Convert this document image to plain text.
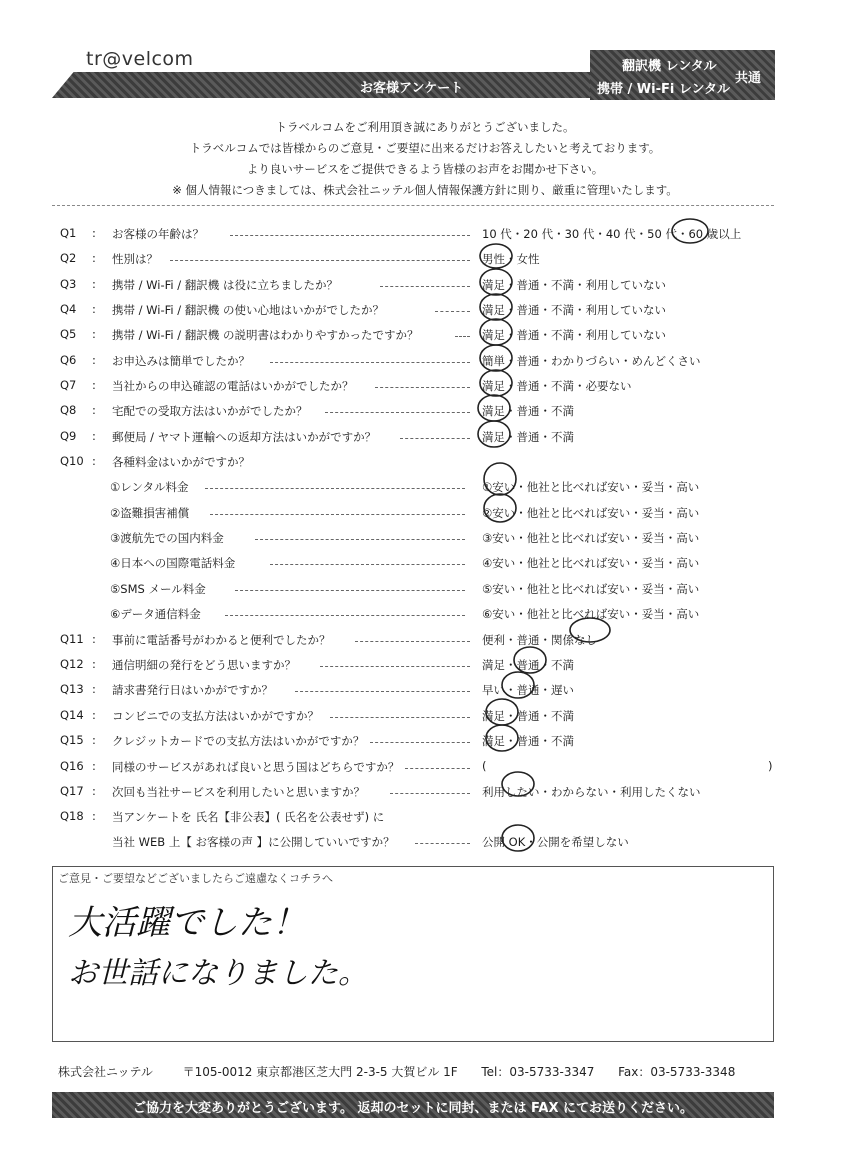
tr@velcom
お客様アンケート
翻訳機 レンタル
携帯 / Wi-Fi レンタル
共通
トラベルコムをご利用頂き誠にありがとうございました。
トラベルコムでは皆様からのご意見・ご要望に出来るだけお答えしたいと考えております。
より良いサービスをご提供できるよう皆様のお声をお聞かせ下さい。
※ 個人情報につきましては、株式会社ニッテル個人情報保護方針に則り、厳重に管理いたします。
Q1	: お客様の年齢は？	10 代・20 代・30 代・40 代・50 代・60 歳以上
Q2	: 性別は？	男性・女性
Q3	: 携帯 / Wi-Fi / 翻訳機 は役に立ちましたか？	満足・普通・不満・利用していない
Q4	: 携帯 / Wi-Fi / 翻訳機 の使い心地はいかがでしたか？	満足・普通・不満・利用していない
Q5	: 携帯 / Wi-Fi / 翻訳機 の説明書はわかりやすかったですか？	満足・普通・不満・利用していない
Q6	: お申込みは簡単でしたか？	簡単・普通・わかりづらい・めんどくさい
Q7	: 当社からの申込確認の電話はいかがでしたか？	満足・普通・不満・必要ない
Q8	: 宅配での受取方法はいかがでしたか？	満足・普通・不満
Q9	: 郵便局 / ヤマト運輸への返却方法はいかがですか？	満足・普通・不満
Q10 : 各種料金はいかがですか？
①レンタル料金	①安い・他社と比べれば安い・妥当・高い
②盗難損害補償	②安い・他社と比べれば安い・妥当・高い
③渡航先での国内料金	③安い・他社と比べれば安い・妥当・高い
④日本への国際電話料金	④安い・他社と比べれば安い・妥当・高い
⑤SMS メール料金	⑤安い・他社と比べれば安い・妥当・高い
⑥データ通信料金	⑥安い・他社と比べれば安い・妥当・高い
Q11 : 事前に電話番号がわかると便利でしたか？	便利・普通・関係なし
Q12 : 通信明細の発行をどう思いますか？	満足・普通・不満
Q13 : 請求書発行日はいかがですか？	早い・普通・遅い
Q14 : コンビニでの支払方法はいかがですか？	満足・普通・不満
Q15 : クレジットカードでの支払方法はいかがですか？	満足・普通・不満
Q16 : 同様のサービスがあれば良いと思う国はどちらですか？	(	)
Q17 : 次回も当社サービスを利用したいと思いますか？	利用したい・わからない・利用したくない
Q18 : 当アンケートを 氏名【非公表】( 氏名を公表せず) に
当社 WEB 上【 お客様の声 】に公開していいですか？	公開 OK・公開を希望しない
ご意見・ご要望などございましたらご遠慮なくコチラへ
大活躍でした！
お世話になりました。
株式会社ニッテル 〒105-0012 東京都港区芝大門 2-3-5 大賀ビル 1F Tel：03-5733-3347 Fax：03-5733-3348
ご協力を大変ありがとうございます。 返却のセットに同封、または FAX にてお送りください。
